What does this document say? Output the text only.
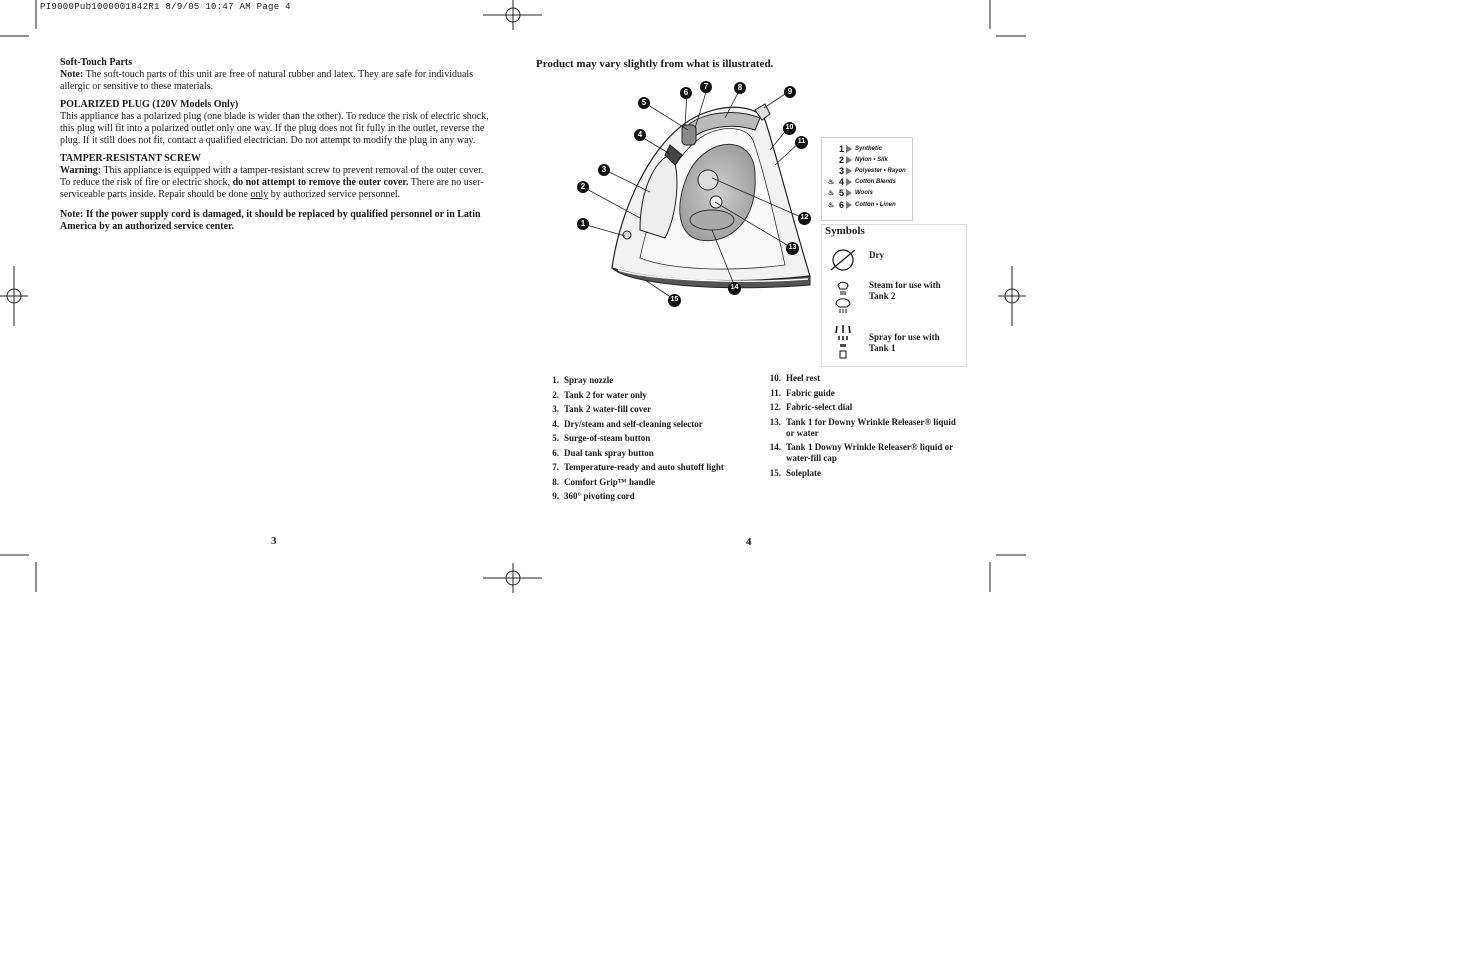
PI9000Pub1000001842R1 8/9/05 10:47 AM Page 4
Soft-Touch Parts

Note: The soft-touch parts of this unit are free of natural rubber and latex. They are safe for individuals allergic or sensitive to these materials.

POLARIZED PLUG (120V Models Only)

This appliance has a polarized plug (one blade is wider than the other). To reduce the risk of electric shock, this plug will fit into a polarized outlet only one way. If the plug does not fit fully in the outlet, reverse the plug. If it still does not fit, contact a qualified electrician. Do not attempt to modify the plug in any way.

TAMPER-RESISTANT SCREW

Warning: This appliance is equipped with a tamper-resistant screw to prevent removal of the outer cover. To reduce the risk of fire or electric shock, do not attempt to remove the outer cover. There are no user-serviceable parts inside. Repair should be done only by authorized service personnel.

Note: If the power supply cord is damaged, it should be replaced by qualified personnel or in Latin America by an authorized service center.

3
Product may vary slightly from what is illustrated.
1
2
3
4
5
6
7	8	9
10
11
12
13
14
15
1 Synthetic
2 Nylon • Silk
3 Polyester • Rayon
♨ 4 Cotton Blends
♨ 5 Wools
♨ 6 Cotton • Linen
Symbols
Dry
Steam for use with Tank 2
Spray for use with Tank 1
1. Spray nozzle
2. Tank 2 for water only
3. Tank 2 water-fill cover
4. Dry/steam and self-cleaning selector
5. Surge-of-steam button
6. Dual tank spray button
7. Temperature-ready and auto shutoff light
8. Comfort Grip™ handle
9. 360° pivoting cord
10. Heel rest
11. Fabric guide
12. Fabric-select dial
13. Tank 1 for Downy Wrinkle Releaser® liquid or water
14. Tank 1 Downy Wrinkle Releaser® liquid or water-fill cap
15. Soleplate
4
